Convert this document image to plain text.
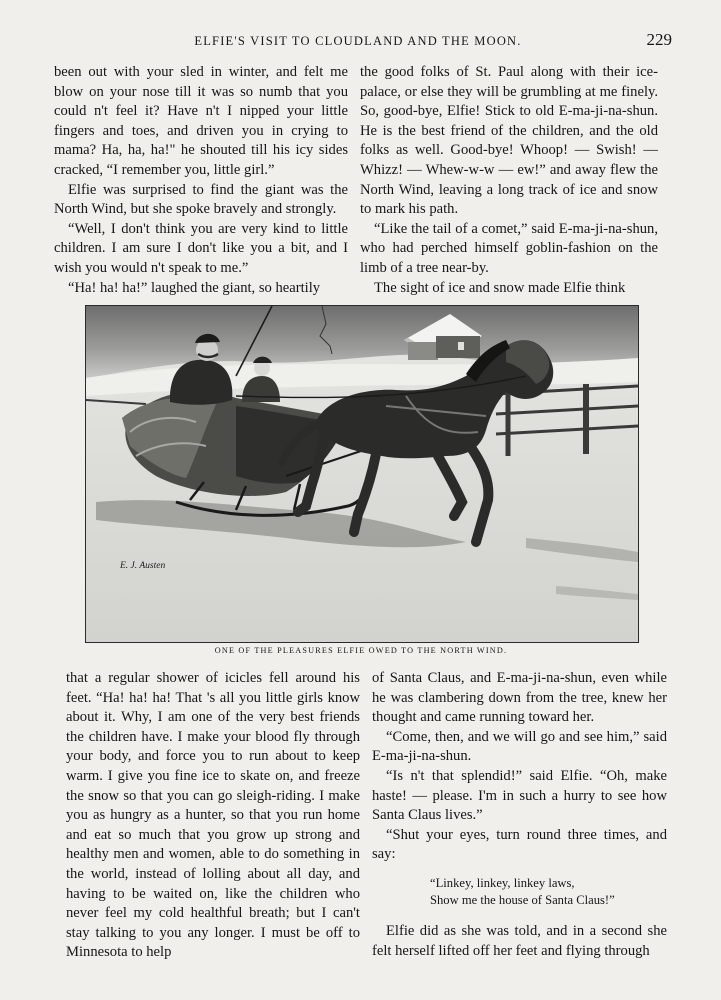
ELFIE'S VISIT TO CLOUDLAND AND THE MOON.	229

been out with your sled in winter, and felt me blow on your nose till it was so numb that you could n't feel it? Have n't I nipped your little fingers and toes, and driven you in crying to mama? Ha, ha, ha!" he shouted till his icy sides cracked, “I remember you, little girl.”

Elfie was surprised to find the giant was the North Wind, but she spoke bravely and strongly.

“Well, I don't think you are very kind to little children. I am sure I don't like you a bit, and I wish you would n't speak to me.”

“Ha! ha! ha!” laughed the giant, so heartily

the good folks of St. Paul along with their ice-palace, or else they will be grumbling at me finely. So, good-bye, Elfie! Stick to old E-ma-ji-na-shun. He is the best friend of the children, and the old folks as well. Good-bye! Whoop! — Swish! — Whizz! — Whew-w-w — ew!” and away flew the North Wind, leaving a long track of ice and snow to mark his path.

“Like the tail of a comet,” said E-ma-ji-na-shun, who had perched himself goblin-fashion on the limb of a tree near-by.

The sight of ice and snow made Elfie think

E. J. Austen
ONE OF THE PLEASURES ELFIE OWED TO THE NORTH WIND.

that a regular shower of icicles fell around his feet. “Ha! ha! ha! That 's all you little girls know about it. Why, I am one of the very best friends the children have. I make your blood fly through your body, and force you to run about to keep warm. I give you fine ice to skate on, and freeze the snow so that you can go sleigh-riding. I make you as hungry as a hunter, so that you run home and eat so much that you grow up strong and healthy men and women, able to do something in the world, instead of lolling about all day, and having to be waited on, like the children who never feel my cold healthful breath; but I can't stay talking to you any longer. I must be off to Minnesota to help

of Santa Claus, and E-ma-ji-na-shun, even while he was clambering down from the tree, knew her thought and came running toward her.

“Come, then, and we will go and see him,” said E-ma-ji-na-shun.

“Is n't that splendid!” said Elfie. “Oh, make haste! — please. I'm in such a hurry to see how Santa Claus lives.”

“Shut your eyes, turn round three times, and say:

“Linkey, linkey, linkey laws,
Show me the house of Santa Claus!”

Elfie did as she was told, and in a second she felt herself lifted off her feet and flying through
